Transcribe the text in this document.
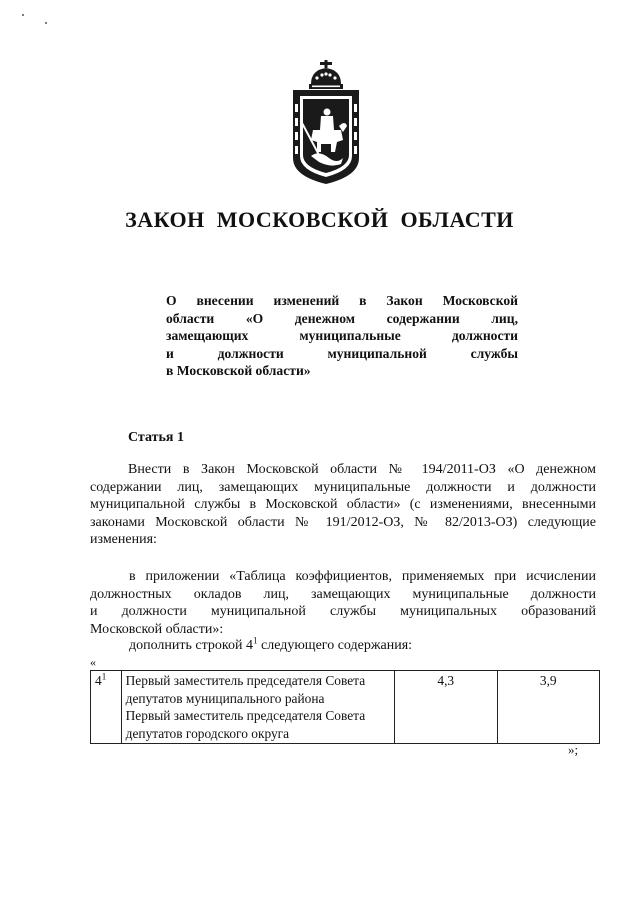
ЗАКОН МОСКОВСКОЙ ОБЛАСТИ
О внесении изменений в Закон Московской
области «О денежном содержании лиц,
замещающих муниципальные должности
и должности муниципальной службы
в Московской области»
Статья 1
Внести в Закон Московской области № 194/2011-ОЗ «О денежном
содержании лиц, замещающих муниципальные должности и должности
муниципальной службы в Московской области» (с изменениями, внесенными
законами Московской области № 191/2012-ОЗ, № 82/2013-ОЗ) следующие
изменения:
в приложении «Таблица коэффициентов, применяемых при исчислении
должностных окладов лиц, замещающих муниципальные должности
и должности муниципальной службы муниципальных образований
Московской области»:
дополнить строкой $4^1$ следующего содержания:
«
$4^1$	Первый заместитель председателя Совета
депутатов муниципального района
Первый заместитель председателя Совета
депутатов городского округа
	4,3	3,9
»;
